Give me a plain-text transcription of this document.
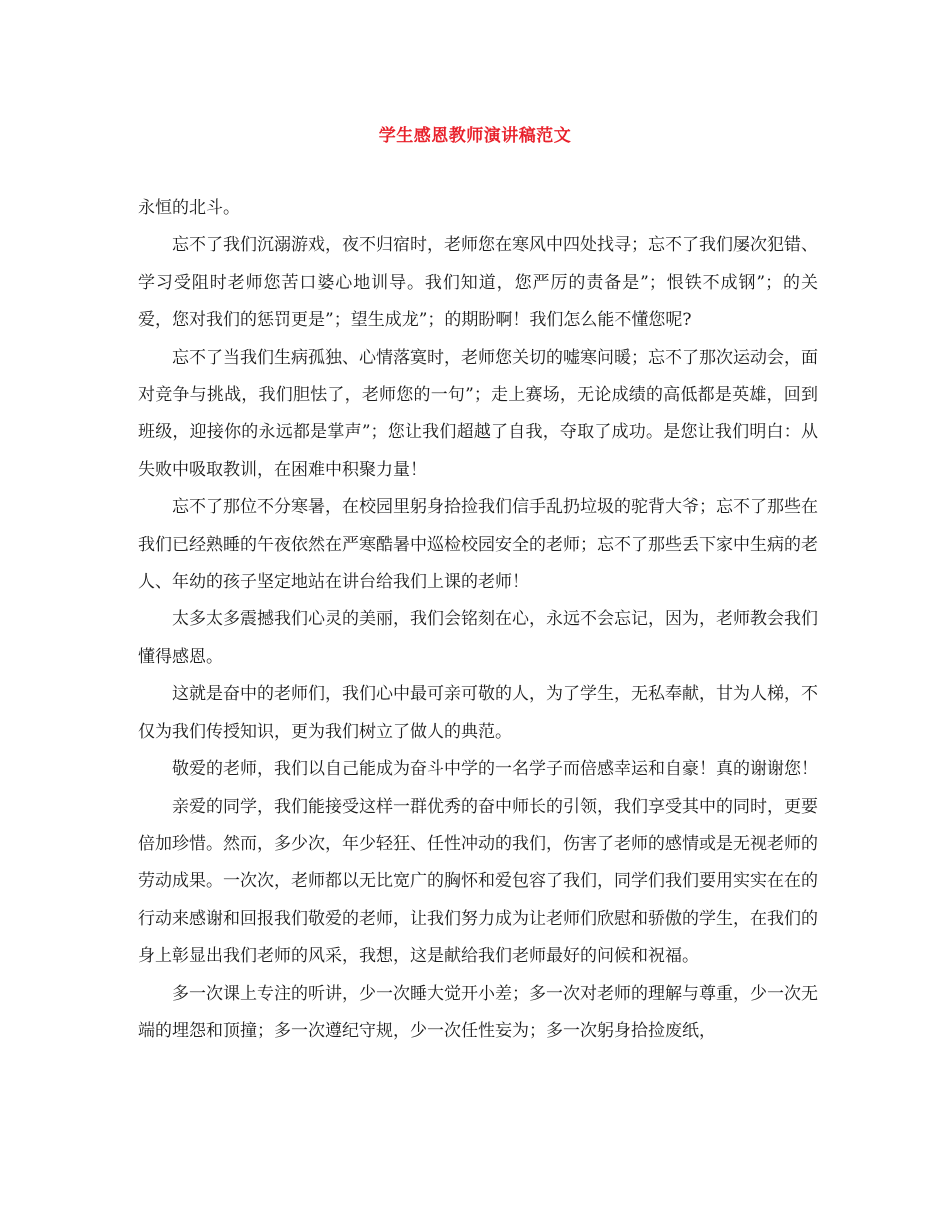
学生感恩教师演讲稿范文

永恒的北斗。

忘不了我们沉溺游戏，夜不归宿时，老师您在寒风中四处找寻；忘不了我们屡次犯错、学习受阻时老师您苦口婆心地训导。我们知道，您严厉的责备是”；恨铁不成钢”；的关爱，您对我们的惩罚更是”；望生成龙”；的期盼啊！我们怎么能不懂您呢?

忘不了当我们生病孤独、心情落寞时，老师您关切的嘘寒问暖；忘不了那次运动会，面对竞争与挑战，我们胆怯了，老师您的一句”；走上赛场，无论成绩的高低都是英雄，回到班级，迎接你的永远都是掌声”；您让我们超越了自我，夺取了成功。是您让我们明白：从失败中吸取教训，在困难中积聚力量！

忘不了那位不分寒暑，在校园里躬身拾捡我们信手乱扔垃圾的驼背大爷；忘不了那些在我们已经熟睡的午夜依然在严寒酷暑中巡检校园安全的老师；忘不了那些丢下家中生病的老人、年幼的孩子坚定地站在讲台给我们上课的老师！

太多太多震撼我们心灵的美丽，我们会铭刻在心，永远不会忘记，因为，老师教会我们懂得感恩。

这就是奋中的老师们，我们心中最可亲可敬的人，为了学生，无私奉献，甘为人梯，不仅为我们传授知识，更为我们树立了做人的典范。

敬爱的老师，我们以自己能成为奋斗中学的一名学子而倍感幸运和自豪！真的谢谢您！

亲爱的同学，我们能接受这样一群优秀的奋中师长的引领，我们享受其中的同时，更要倍加珍惜。然而，多少次，年少轻狂、任性冲动的我们，伤害了老师的感情或是无视老师的劳动成果。一次次，老师都以无比宽广的胸怀和爱包容了我们，同学们我们要用实实在在的行动来感谢和回报我们敬爱的老师，让我们努力成为让老师们欣慰和骄傲的学生，在我们的身上彰显出我们老师的风采，我想，这是献给我们老师最好的问候和祝福。

多一次课上专注的听讲，少一次睡大觉开小差；多一次对老师的理解与尊重，少一次无端的埋怨和顶撞；多一次遵纪守规，少一次任性妄为；多一次躬身拾捡废纸，
